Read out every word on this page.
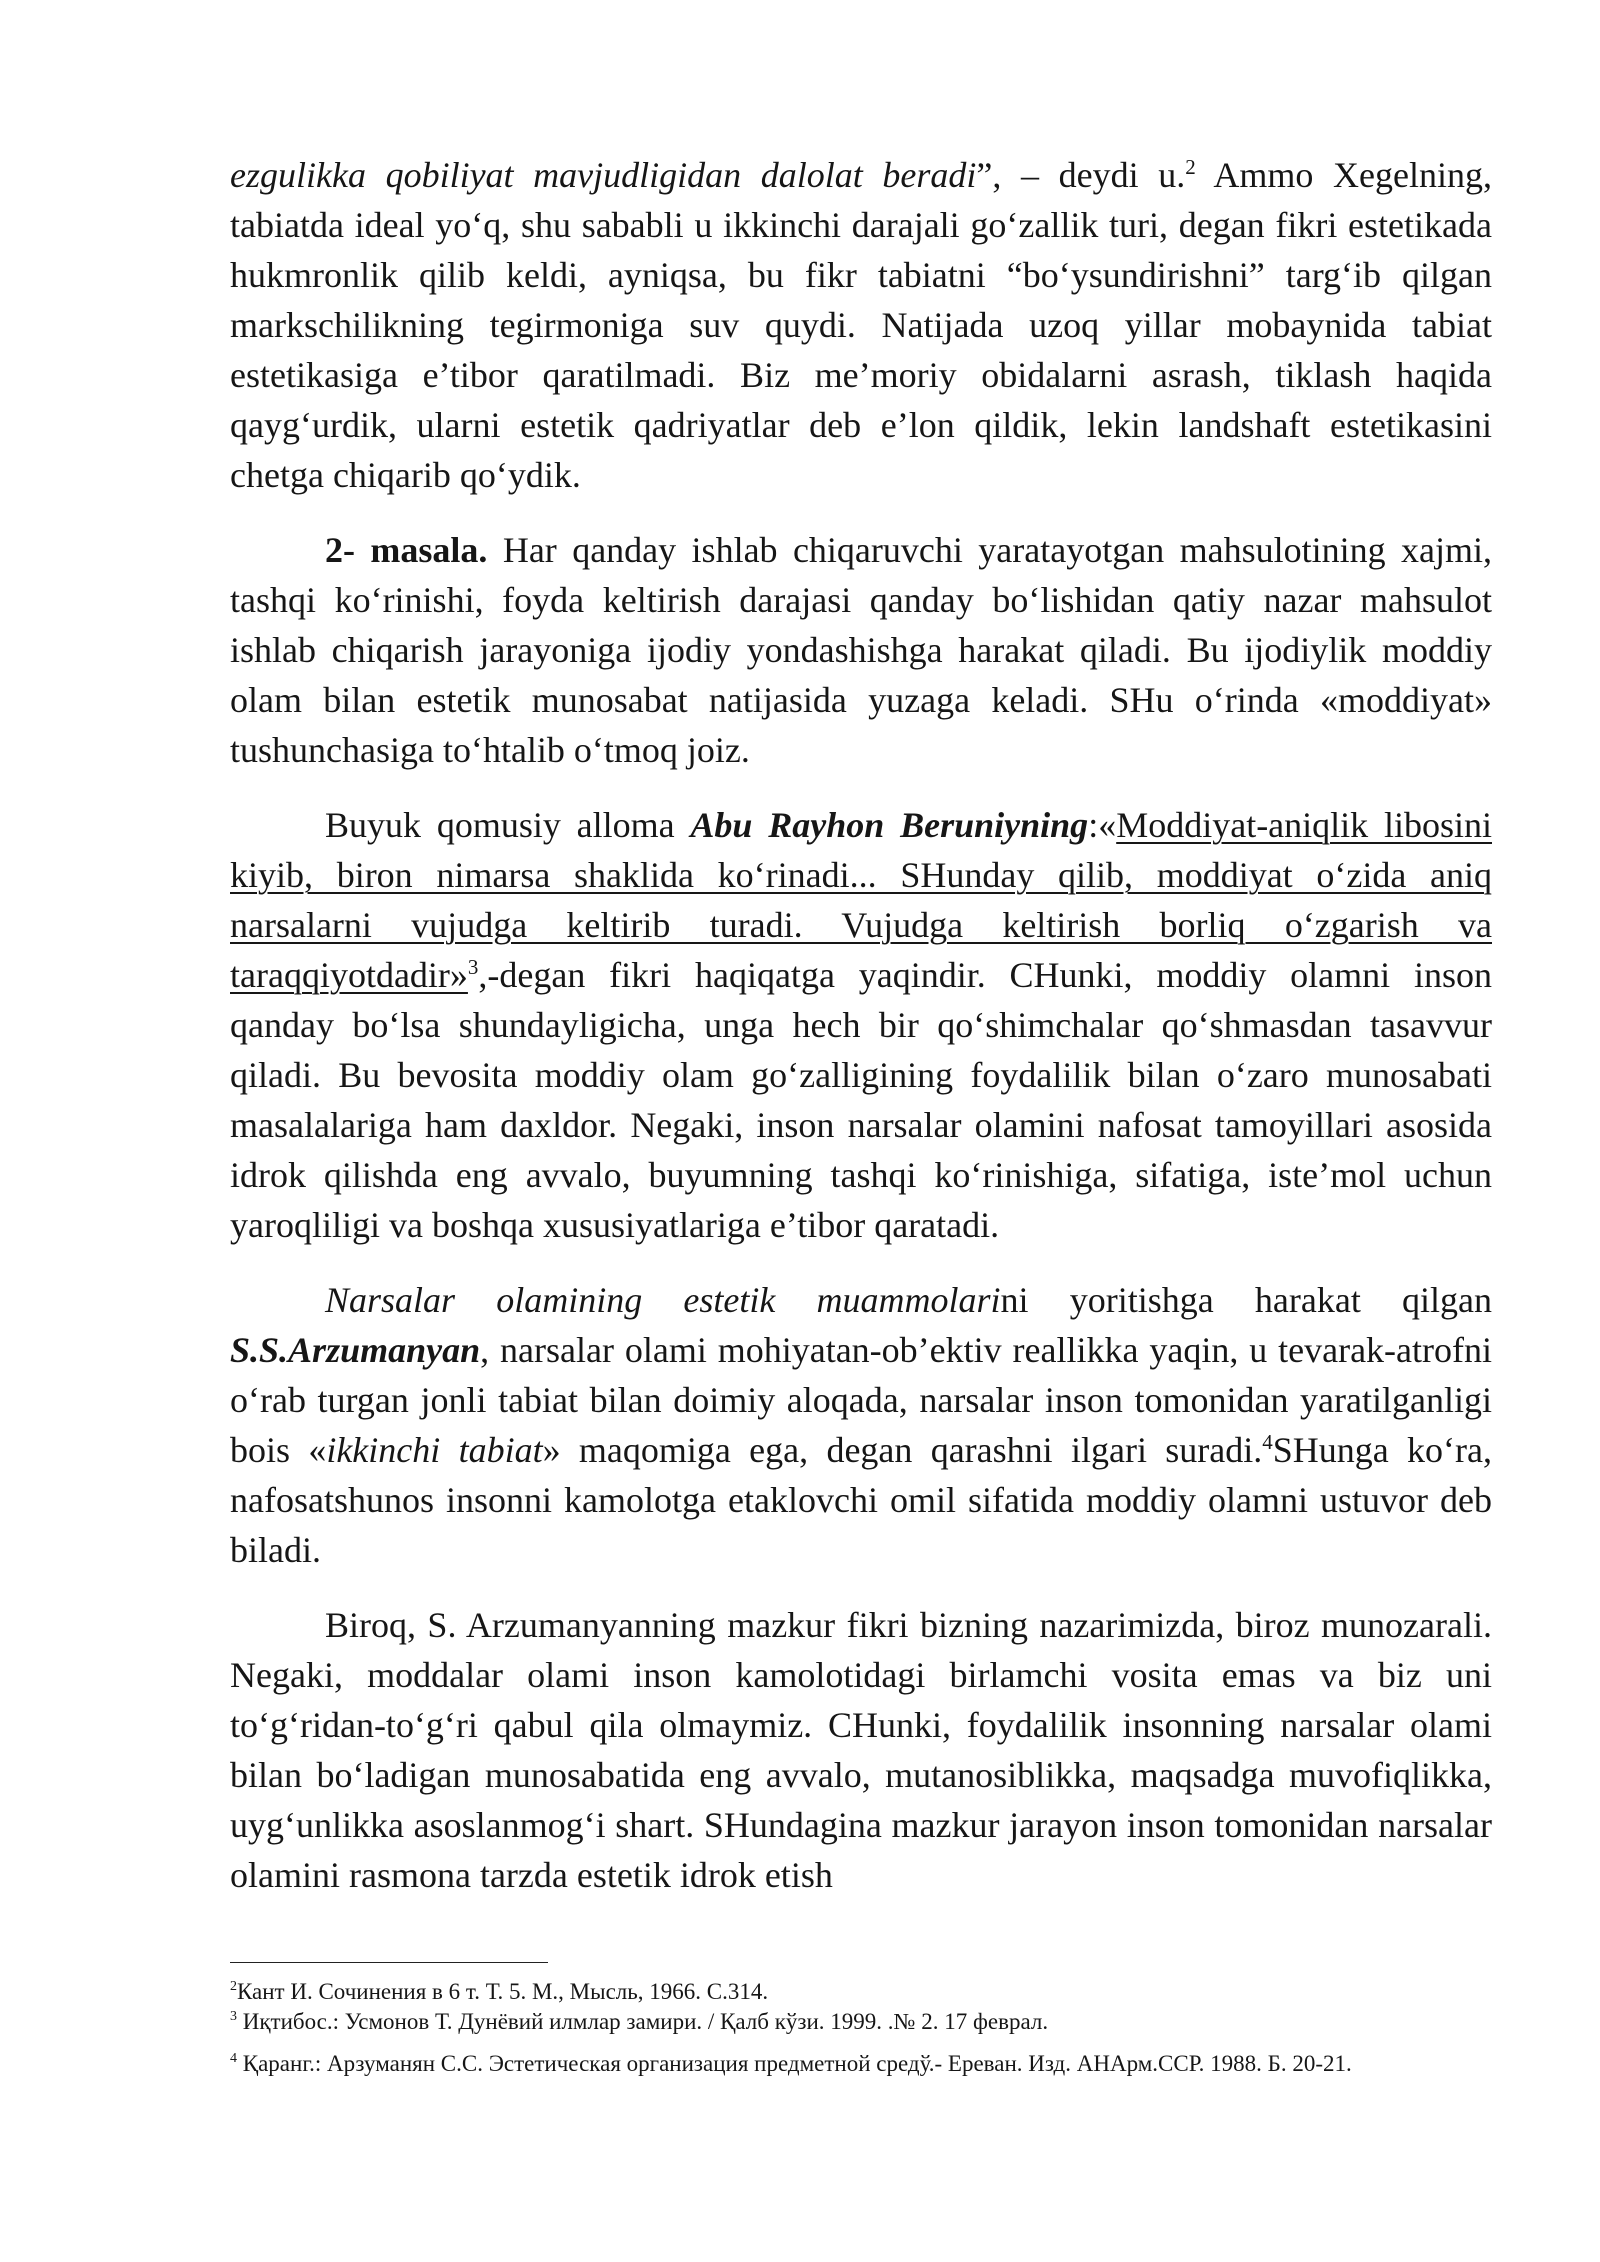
ezgulikka qobiliyat mavjudligidan dalolat beradi”, – deydi u.$^2$ Ammo Xegelning, tabiatda ideal yo‘q, shu sababli u ikkinchi darajali go‘zallik turi, degan fikri estetikada hukmronlik qilib keldi, ayniqsa, bu fikr tabiatni “bo‘ysundirishni” targ‘ib qilgan markschilikning tegirmoniga suv quydi. Natijada uzoq yillar mobaynida tabiat estetikasiga e’tibor qaratilmadi. Biz me’moriy obidalarni asrash, tiklash haqida qayg‘urdik, ularni estetik qadriyatlar deb e’lon qildik, lekin landshaft estetikasini chetga chiqarib qo‘ydik.

2- masala. Har qanday ishlab chiqaruvchi yaratayotgan mahsulotining xajmi, tashqi ko‘rinishi, foyda keltirish darajasi qanday bo‘lishidan qatiy nazar mahsulot ishlab chiqarish jarayoniga ijodiy yondashishga harakat qiladi. Bu ijodiylik moddiy olam bilan estetik munosabat natijasida yuzaga keladi. SHu o‘rinda «moddiyat» tushunchasiga to‘htalib o‘tmoq joiz.

Buyuk qomusiy alloma Abu Rayhon Beruniyning:«Moddiyat-aniqlik libosini kiyib, biron nimarsa shaklida ko‘rinadi... SHunday qilib, moddiyat o‘zida aniq narsalarni vujudga keltirib turadi. Vujudga keltirish borliq o‘zgarish va taraqqiyotdadir»$^3$,-degan fikri haqiqatga yaqindir. CHunki, moddiy olamni inson qanday bo‘lsa shundayligicha, unga hech bir qo‘shimchalar qo‘shmasdan tasavvur qiladi. Bu bevosita moddiy olam go‘zalligining foydalilik bilan o‘zaro munosabati masalalariga ham daxldor. Negaki, inson narsalar olamini nafosat tamoyillari asosida idrok qilishda eng avvalo, buyumning tashqi ko‘rinishiga, sifatiga, iste’mol uchun yaroqliligi va boshqa xususiyatlariga e’tibor qaratadi.

Narsalar olamining estetik muammolarini yoritishga harakat qilgan S.S.Arzumanyan, narsalar olami mohiyatan-ob’ektiv reallikka yaqin, u tevarak-atrofni o‘rab turgan jonli tabiat bilan doimiy aloqada, narsalar inson tomonidan yaratilganligi bois «ikkinchi tabiat» maqomiga ega, degan qarashni ilgari suradi.$^4$SHunga ko‘ra, nafosatshunos insonni kamolotga etaklovchi omil sifatida moddiy olamni ustuvor deb biladi.

Biroq, S. Arzumanyanning mazkur fikri bizning nazarimizda, biroz munozarali. Negaki, moddalar olami inson kamolotidagi birlamchi vosita emas va biz uni to‘g‘ridan-to‘g‘ri qabul qila olmaymiz. CHunki, foydalilik insonning narsalar olami bilan bo‘ladigan munosabatida eng avvalo, mutanosiblikka, maqsadga muvofiqlikka, uyg‘unlikka asoslanmog‘i shart. SHundagina mazkur jarayon inson tomonidan narsalar olamini rasmona tarzda estetik idrok etish

$^2$Кант И. Сочинения в 6 т. Т. 5. М., Мысль, 1966. С.314.

$^3$ Иқтибос.: Усмонов Т. Дунёвий илмлар замири. / Қалб кўзи. 1999. .№ 2. 17 феврал.

$^4$ Қаранг.: Арзуманян С.С. Эстетическая организация предметной средў.- Ереван. Изд. АНАрм.ССР. 1988. Б. 20-21.
